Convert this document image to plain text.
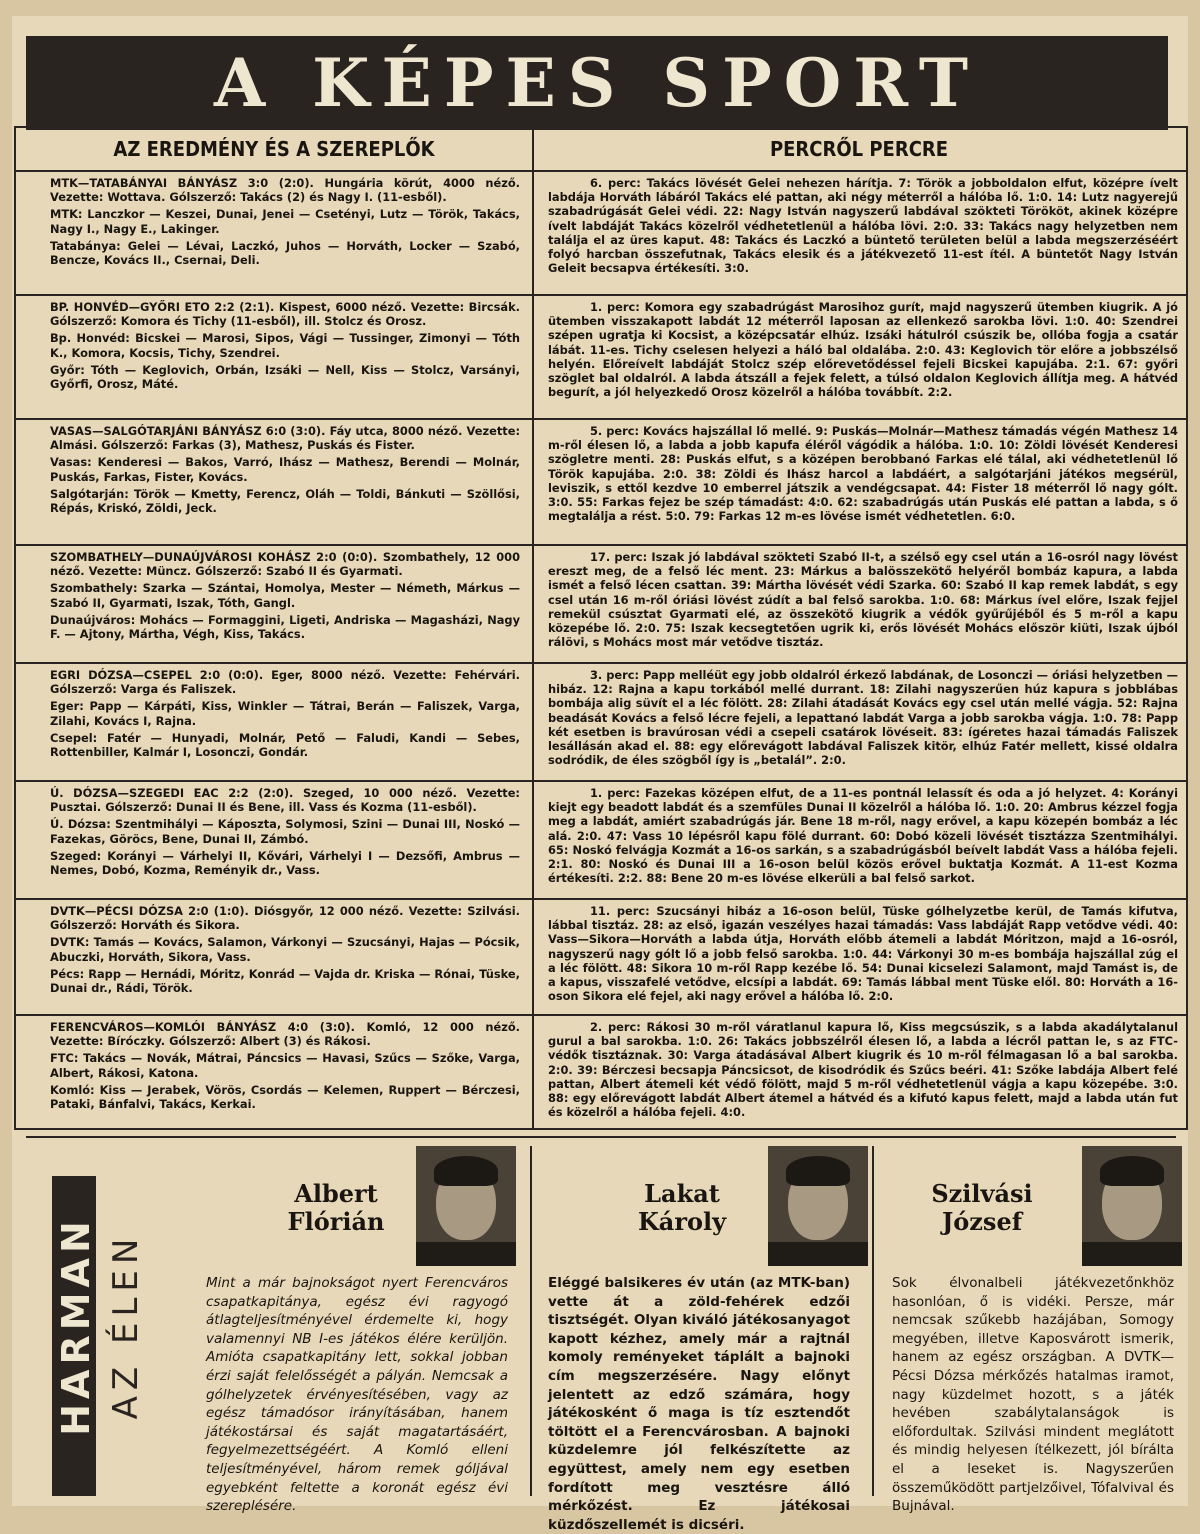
A KÉPES SPORT
AZ EREDMÉNY ÉS A SZEREPLŐK	PERCRŐL PERCRE
MTK—TATABÁNYAI BÁNYÁSZ 3:0 (2:0). Hungária körút, 4000 néző. Vezette: Wottava. Gólszerző: Takács (2) és Nagy I. (11-esből).
MTK: Lanczkor — Keszei, Dunai, Jenei — Csetényi, Lutz — Török, Takács, Nagy I., Nagy E., Lakinger.
Tatabánya: Gelei — Lévai, Laczkó, Juhos — Horváth, Locker — Szabó, Bencze, Kovács II., Csernai, Deli.
6. perc: Takács lövését Gelei nehezen hárítja. 7: Török a jobboldalon elfut, középre ívelt labdája Horváth lábáról Takács elé pattan, aki négy méterről a hálóba lő. 1:0. 14: Lutz nagyerejű szabadrúgását Gelei védi. 22: Nagy István nagyszerű labdával szökteti Törököt, akinek középre ívelt labdáját Takács közelről védhetetlenül a hálóba lövi. 2:0. 33: Takács nagy helyzetben nem találja el az üres kaput. 48: Takács és Laczkó a büntető területen belül a labda megszerzéséért folyó harcban összefutnak, Takács elesik és a játékvezető 11-est ítél. A büntetőt Nagy István Geleit becsapva értékesíti. 3:0.
BP. HONVÉD—GYŐRI ETO 2:2 (2:1). Kispest, 6000 néző. Vezette: Bircsák. Gólszerző: Komora és Tichy (11-esből), ill. Stolcz és Orosz.
Bp. Honvéd: Bicskei — Marosi, Sipos, Vági — Tussinger, Zimonyi — Tóth K., Komora, Kocsis, Tichy, Szendrei.
Győr: Tóth — Keglovich, Orbán, Izsáki — Nell, Kiss — Stolcz, Varsányi, Győrfi, Orosz, Máté.
1. perc: Komora egy szabadrúgást Marosihoz gurít, majd nagyszerű ütemben kiugrik. A jó ütemben visszakapott labdát 12 méterről laposan az ellenkező sarokba lövi. 1:0. 40: Szendrei szépen ugratja ki Kocsist, a középcsatár elhúz. Izsáki hátulról csúszik be, ollóba fogja a csatár lábát. 11-es. Tichy cselesen helyezi a háló bal oldalába. 2:0. 43: Keglovich tör előre a jobbszélső helyén. Előreívelt labdáját Stolcz szép előrevetődéssel fejeli Bicskei kapujába. 2:1. 67: győri szöglet bal oldalról. A labda átszáll a fejek felett, a túlsó oldalon Keglovich állítja meg. A hátvéd begurít, a jól helyezkedő Orosz közelről a hálóba továbbít. 2:2.
VASAS—SALGÓTARJÁNI BÁNYÁSZ 6:0 (3:0). Fáy utca, 8000 néző. Vezette: Almási. Gólszerző: Farkas (3), Mathesz, Puskás és Fister.
Vasas: Kenderesi — Bakos, Varró, Ihász — Mathesz, Berendi — Molnár, Puskás, Farkas, Fister, Kovács.
Salgótarján: Török — Kmetty, Ferencz, Oláh — Toldi, Bánkuti — Szöllősi, Répás, Kriskó, Zöldi, Jeck.
5. perc: Kovács hajszállal lő mellé. 9: Puskás—Molnár—Mathesz támadás végén Mathesz 14 m-ről élesen lő, a labda a jobb kapufa éléről vágódik a hálóba. 1:0. 10: Zöldi lövését Kenderesi szögletre menti. 28: Puskás elfut, s a középen berobbanó Farkas elé tálal, aki védhetetlenül lő Török kapujába. 2:0. 38: Zöldi és Ihász harcol a labdáért, a salgótarjáni játékos megsérül, leviszik, s ettől kezdve 10 emberrel játszik a vendégcsapat. 44: Fister 18 méterről lő nagy gólt. 3:0. 55: Farkas fejez be szép támadást: 4:0. 62: szabadrúgás után Puskás elé pattan a labda, s ő megtalálja a rést. 5:0. 79: Farkas 12 m-es lövése ismét védhetetlen. 6:0.
SZOMBATHELY—DUNAÚJVÁROSI KOHÁSZ 2:0 (0:0). Szombathely, 12 000 néző. Vezette: Müncz. Gólszerző: Szabó II és Gyarmati.
Szombathely: Szarka — Szántai, Homolya, Mester — Németh, Márkus — Szabó II, Gyarmati, Iszak, Tóth, Gangl.
Dunaújváros: Mohács — Formaggini, Ligeti, Andriska — Magasházi, Nagy F. — Ajtony, Mártha, Végh, Kiss, Takács.
17. perc: Iszak jó labdával szökteti Szabó II-t, a szélső egy csel után a 16-osról nagy lövést ereszt meg, de a felső léc ment. 23: Márkus a balösszekötő helyéről bombáz kapura, a labda ismét a felső lécen csattan. 39: Mártha lövését védi Szarka. 60: Szabó II kap remek labdát, s egy csel után 16 m-ről óriási lövést zúdít a bal felső sarokba. 1:0. 68: Márkus ível előre, Iszak fejjel remekül csúsztat Gyarmati elé, az összekötő kiugrik a védők gyűrűjéből és 5 m-ről a kapu közepébe lő. 2:0. 75: Iszak kecsegtetően ugrik ki, erős lövését Mohács először kiüti, Iszak újból rálövi, s Mohács most már vetődve tisztáz.
EGRI DÓZSA—CSEPEL 2:0 (0:0). Eger, 8000 néző. Vezette: Fehérvári. Gólszerző: Varga és Faliszek.
Eger: Papp — Kárpáti, Kiss, Winkler — Tátrai, Berán — Faliszek, Varga, Zilahi, Kovács I, Rajna.
Csepel: Fatér — Hunyadi, Molnár, Pető — Faludi, Kandi — Sebes, Rottenbiller, Kalmár I, Losonczi, Gondár.
3. perc: Papp melléüt egy jobb oldalról érkező labdának, de Losonczi — óriási helyzetben — hibáz. 12: Rajna a kapu torkából mellé durrant. 18: Zilahi nagyszerűen húz kapura s jobblábas bombája alig süvít el a léc fölött. 28: Zilahi átadását Kovács egy csel után mellé vágja. 52: Rajna beadását Kovács a felső lécre fejeli, a lepattanó labdát Varga a jobb sarokba vágja. 1:0. 78: Papp két esetben is bravúrosan védi a csepeli csatárok lövéseit. 83: ígéretes hazai támadás Faliszek lesállásán akad el. 88: egy előrevágott labdával Faliszek kitör, elhúz Fatér mellett, kissé oldalra sodródik, de éles szögből így is „betalál”. 2:0.
Ú. DÓZSA—SZEGEDI EAC 2:2 (2:0). Szeged, 10 000 néző. Vezette: Pusztai. Gólszerző: Dunai II és Bene, ill. Vass és Kozma (11-esből).
Ú. Dózsa: Szentmihályi — Káposzta, Solymosi, Szini — Dunai III, Noskó — Fazekas, Göröcs, Bene, Dunai II, Zámbó.
Szeged: Korányi — Várhelyi II, Kővári, Várhelyi I — Dezsőfi, Ambrus — Nemes, Dobó, Kozma, Reményik dr., Vass.
1. perc: Fazekas középen elfut, de a 11-es pontnál lelassít és oda a jó helyzet. 4: Korányi kiejt egy beadott labdát és a szemfüles Dunai II közelről a hálóba lő. 1:0. 20: Ambrus kézzel fogja meg a labdát, amiért szabadrúgás jár. Bene 18 m-ről, nagy erővel, a kapu közepén bombáz a léc alá. 2:0. 47: Vass 10 lépésről kapu fölé durrant. 60: Dobó közeli lövését tisztázza Szentmihályi. 65: Noskó felvágja Kozmát a 16-os sarkán, s a szabadrúgásból beívelt labdát Vass a hálóba fejeli. 2:1. 80: Noskó és Dunai III a 16-oson belül közös erővel buktatja Kozmát. A 11-est Kozma értékesíti. 2:2. 88: Bene 20 m-es lövése elkerüli a bal felső sarkot.
DVTK—PÉCSI DÓZSA 2:0 (1:0). Diósgyőr, 12 000 néző. Vezette: Szilvási. Gólszerző: Horváth és Sikora.
DVTK: Tamás — Kovács, Salamon, Várkonyi — Szucsányi, Hajas — Pócsik, Abuczki, Horváth, Sikora, Vass.
Pécs: Rapp — Hernádi, Móritz, Konrád — Vajda dr. Kriska — Rónai, Tüske, Dunai dr., Rádi, Török.
11. perc: Szucsányi hibáz a 16-oson belül, Tüske gólhelyzetbe kerül, de Tamás kifutva, lábbal tisztáz. 28: az első, igazán veszélyes hazai támadás: Vass labdáját Rapp vetődve védi. 40: Vass—Sikora—Horváth a labda útja, Horváth előbb átemeli a labdát Móritzon, majd a 16-osról, nagyszerű nagy gólt lő a jobb felső sarokba. 1:0. 44: Várkonyi 30 m-es bombája hajszállal zúg el a léc fölött. 48: Sikora 10 m-ről Rapp kezébe lő. 54: Dunai kicselezi Salamont, majd Tamást is, de a kapus, visszafelé vetődve, elcsípi a labdát. 69: Tamás lábbal ment Tüske elől. 80: Horváth a 16-oson Sikora elé fejel, aki nagy erővel a hálóba lő. 2:0.
FERENCVÁROS—KOMLÓI BÁNYÁSZ 4:0 (3:0). Komló, 12 000 néző. Vezette: Bíróczky. Gólszerző: Albert (3) és Rákosi.
FTC: Takács — Novák, Mátrai, Páncsics — Havasi, Szűcs — Szőke, Varga, Albert, Rákosi, Katona.
Komló: Kiss — Jerabek, Vörös, Csordás — Kelemen, Ruppert — Bérczesi, Pataki, Bánfalvi, Takács, Kerkai.
2. perc: Rákosi 30 m-ről váratlanul kapura lő, Kiss megcsúszik, s a labda akadálytalanul gurul a bal sarokba. 1:0. 26: Takács jobbszélről élesen lő, a labda a lécről pattan le, s az FTC-védők tisztáznak. 30: Varga átadásával Albert kiugrik és 10 m-ről félmagasan lő a bal sarokba. 2:0. 39: Bérczesi becsapja Páncsicsot, de kisodródik és Szűcs beéri. 41: Szőke labdája Albert felé pattan, Albert átemeli két védő fölött, majd 5 m-ről védhetetlenül vágja a kapu közepébe. 3:0. 88: egy előrevágott labdát Albert átemel a hátvéd és a kifutó kapus felett, majd a labda után fut és közelről a hálóba fejeli. 4:0.
HARMAN AZ ÉLEN
Albert
Flórián
Mint a már bajnokságot nyert Ferencváros csapatkapitánya, egész évi ragyogó átlagteljesítményével érdemelte ki, hogy valamennyi NB I-es játékos élére kerüljön. Amióta csapatkapitány lett, sokkal jobban érzi saját felelősségét a pályán. Nemcsak a gólhelyzetek érvényesítésében, vagy az egész támadósor irányításában, hanem játékostársai és saját magatartásáért, fegyelmezettségéért. A Komló elleni teljesítményével, három remek góljával egyebként feltette a koronát egész évi szereplésére.
Lakat
Károly
Eléggé balsikeres év után (az MTK-ban) vette át a zöld-fehérek edzői tisztségét. Olyan kiváló játékosanyagot kapott kézhez, amely már a rajtnál komoly reményeket táplált a bajnoki cím megszerzésére. Nagy előnyt jelentett az edző számára, hogy játékosként ő maga is tíz esztendőt töltött el a Ferencvárosban. A bajnoki küzdelemre jól felkészítette az együttest, amely nem egy esetben fordított meg vesztésre álló mérkőzést. Ez játékosai küzdőszellemét is dicséri.
Szilvási
József
Sok élvonalbeli játékvezetőnkhöz hasonlóan, ő is vidéki. Persze, már nemcsak szűkebb hazájában, Somogy megyében, illetve Kaposvárott ismerik, hanem az egész országban. A DVTK—Pécsi Dózsa mérkőzés hatalmas iramot, nagy küzdelmet hozott, s a játék hevében szabálytalanságok is előfordultak. Szilvási mindent meglátott és mindig helyesen ítélkezett, jól bírálta el a leseket is. Nagyszerűen összeműködött partjelzőivel, Tófalvival és Bujnával.
